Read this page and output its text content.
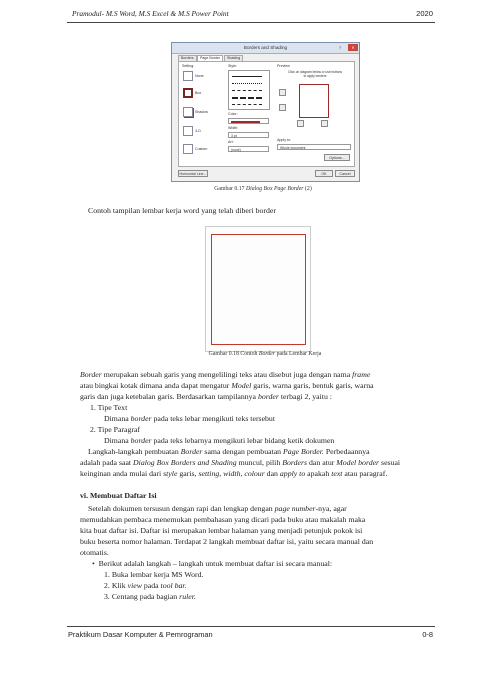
Pramodul- M.S Word, M.S Excel & M.S Power Point	2020
Borders and Shading	?	✕
Borders	Page Border	Shading
Setting:
None
Box
Shadow
3-D
Custom
Style:
Color:
Width:
3 pt
Art:
(none)
Preview
Click on diagram below or use buttons to apply borders
Apply to:
Whole document
Options...
Horizontal Line...	OK	Cancel
Gambar 0.17 Dialog Box Page Border (2)
Contoh tampilan lembar kerja word yang telah diberi border
Gambar 0.18 Contoh Border pada Lembar Kerja
Border merupakan sebuah garis yang mengelilingi teks atau disebut juga dengan nama frame
atau bingkai kotak dimana anda dapat mengatur Model garis, warna garis, bentuk garis, warna
garis dan juga ketebalan garis. Berdasarkan tampilannya border terbagi 2, yaitu :
1. Tipe Text
Dimana border pada teks lebar mengikuti teks tersebut
2. Tipe Paragraf
Dimana border pada teks lebarnya mengikuti lebar bidang ketik dokumen
Langkah-langkah pembuatan Border sama dengan pembuatan Page Border. Perbedaannya
adalah pada saat Dialog Box Borders and Shading muncul, pilih Borders dan atur Model border sesuai
keinginan anda mulai dari style garis, setting, width, colour dan apply to apakah text atau paragraf.
vi. Membuat Daftar Isi
Setelah dokumen tersusun dengan rapi dan lengkap dengan page number-nya, agar
memudahkan pembaca menemukan pembahasan yang dicari pada buku atau makalah maka
kita buat daftar isi. Daftar isi merupakan lembar halaman yang menjadi petunjuk pokok isi
buku beserta nomor halaman. Terdapat 2 langkah membuat daftar isi, yaitu secara manual dan
otomatis.
• Berikut adalah langkah – langkah untuk membuat daftar isi secara manual:
1. Buka lembar kerja MS Word.
2. Klik view pada tool bar.
3. Centang pada bagian ruler.
Praktikum Dasar Komputer & Pemrograman	0-8
